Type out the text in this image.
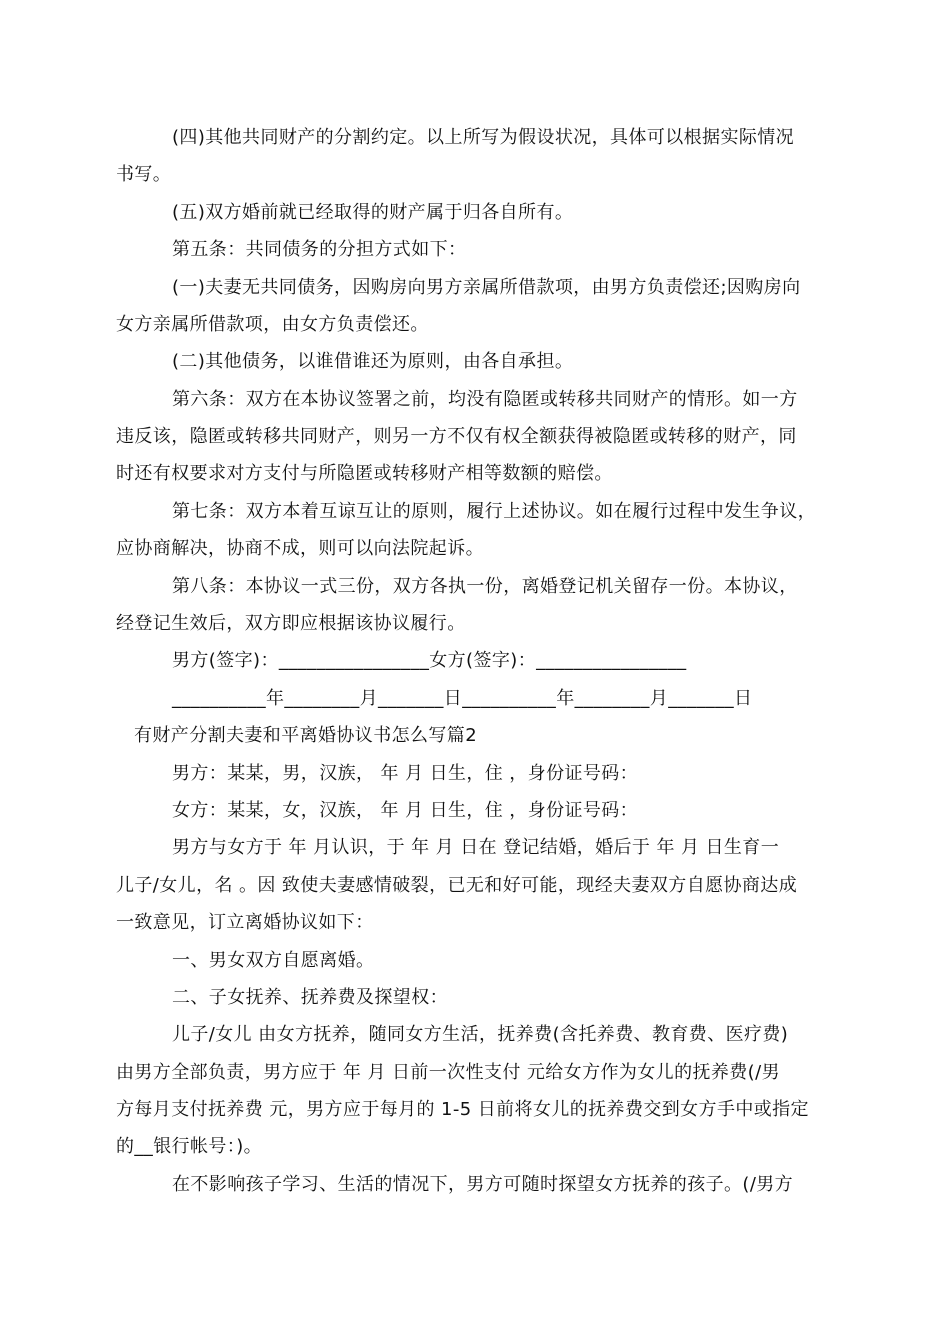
(四)其他共同财产的分割约定。以上所写为假设状况，具体可以根据实际情况
书写。
(五)双方婚前就已经取得的财产属于归各自所有。
第五条：共同债务的分担方式如下：
(一)夫妻无共同债务，因购房向男方亲属所借款项，由男方负责偿还;因购房向
女方亲属所借款项，由女方负责偿还。
(二)其他债务，以谁借谁还为原则，由各自承担。
第六条：双方在本协议签署之前，均没有隐匿或转移共同财产的情形。如一方
违反该，隐匿或转移共同财产，则另一方不仅有权全额获得被隐匿或转移的财产，同
时还有权要求对方支付与所隐匿或转移财产相等数额的赔偿。
第七条：双方本着互谅互让的原则，履行上述协议。如在履行过程中发生争议，
应协商解决，协商不成，则可以向法院起诉。
第八条：本协议一式三份，双方各执一份，离婚登记机关留存一份。本协议，
经登记生效后，双方即应根据该协议履行。
男方(签字)：________________女方(签字)：________________
__________年________月_______日__________年________月_______日
有财产分割夫妻和平离婚协议书怎么写篇2
男方：某某，男，汉族， 年 月 日生，住 ，身份证号码：
女方：某某，女，汉族， 年 月 日生，住 ，身份证号码：
男方与女方于 年 月认识，于 年 月 日在 登记结婚，婚后于 年 月 日生育一
儿子/女儿，名 。因 致使夫妻感情破裂，已无和好可能，现经夫妻双方自愿协商达成
一致意见，订立离婚协议如下：
一、男女双方自愿离婚。
二、子女抚养、抚养费及探望权：
儿子/女儿 由女方抚养，随同女方生活，抚养费(含托养费、教育费、医疗费)
由男方全部负责，男方应于 年 月 日前一次性支付 元给女方作为女儿的抚养费(/男
方每月支付抚养费 元，男方应于每月的 1-5 日前将女儿的抚养费交到女方手中或指定
的__银行帐号：)。
在不影响孩子学习、生活的情况下，男方可随时探望女方抚养的孩子。(/男方
